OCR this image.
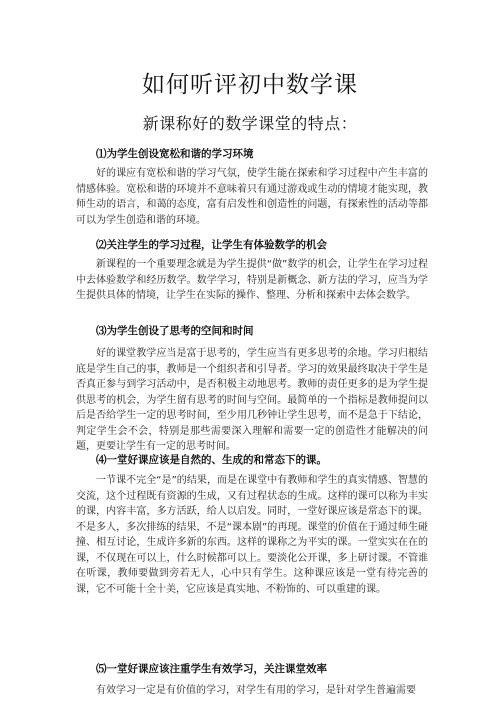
如何听评初中数学课
新课称好的数学课堂的特点：
⑴为学生创设宽松和谐的学习环境

好的课应有宽松和谐的学习气氛，使学生能在探索和学习过程中产生丰富的情感体验。宽松和谐的环境并不意味着只有通过游戏或生动的情境才能实现，教师生动的语言，和蔼的态度，富有启发性和创造性的问题，有探索性的活动等都可以为学生创造和谐的环境。

⑵关注学生的学习过程，让学生有体验数学的机会

新课程的一个重要理念就是为学生提供“做”数学的机会，让学生在学习过程中去体验数学和经历数学。数学学习，特别是新概念、新方法的学习，应当为学生提供具体的情境，让学生在实际的操作、整理、分析和探索中去体会数学。

⑶为学生创设了思考的空间和时间

好的课堂教学应当是富于思考的，学生应当有更多思考的余地。学习归根结底是学生自己的事，教师是一个组织者和引导者。学习的效果最终取决于学生是否真正参与到学习活动中，是否积极主动地思考。教师的责任更多的是为学生提供思考的机会，为学生留有思考的时间与空间。最简单的一个指标是教师提问以后是否给学生一定的思考时间，至少用几秒钟让学生思考，而不是急于下结论，判定学生会不会，特别是那些需要深入理解和需要一定的创造性才能解决的问题，更要让学生有一定的思考时间。

⑷一堂好课应该是自然的、生成的和常态下的课。

一节课不完全“是”的结果，而是在课堂中有教师和学生的真实情感、智慧的交流，这个过程既有资源的生成，又有过程状态的生成。这样的课可以称为丰实的课，内容丰富，多方活跃，给人以启发。同时，一堂好课应该是常态下的课。不是多人，多次排练的结果，不是“课本剧”的再现。课堂的价值在于通过师生碰撞、相互讨论，生成许多新的东西。这样的课称之为平实的课。一堂实实在在的课，不仅现在可以上，什么时候都可以上。要淡化公开课，多上研讨课。不管谁在听课，教师要做到旁若无人，心中只有学生。这种课应该是一堂有待完善的课，它不可能十全十美，它应该是真实地、不粉饰的、可以重建的课。

⑸一堂好课应该注重学生有效学习，关注课堂效率

有效学习一定是有价值的学习，对学生有用的学习，是针对学生普遍需要
